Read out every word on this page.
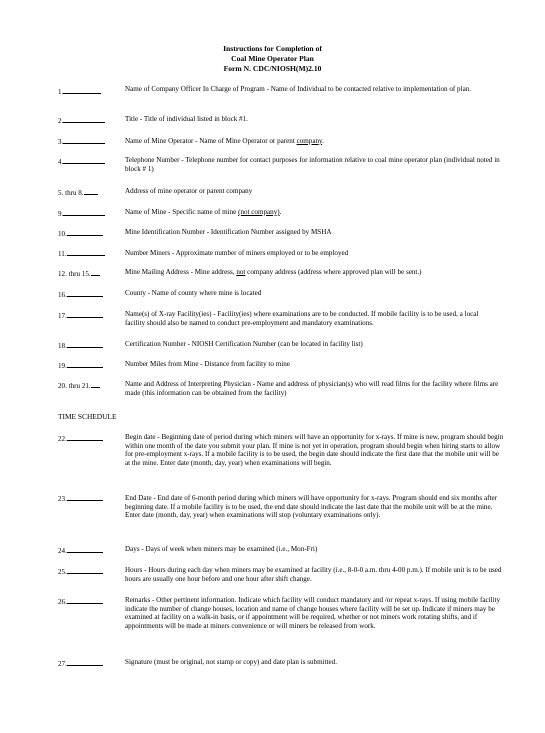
Instructions for Completion of
Coal Mine Operator Plan
Form N. CDC/NIOSH(M)2.10
1.	Name of Company Officer In Charge of Program - Name of Individual to be contacted relative to implementation of plan.
2.	Title - Title of individual listed in block #1.
3.	Name of Mine Operator - Name of Mine Operator or parent company.
4.	Telephone Number - Telephone number for contact purposes for information relative to coal mine operator plan (individual noted in block # 1)
5. thru 8.	Address of mine operator or parent company
9.	Name of Mine - Specific name of mine (not company).
10.	Mine Identification Number - Identification Number assigned by MSHA
11.	Number Miners - Approximate number of miners employed or to be employed
12. thru 15.	Mine Mailing Address - Mine address, not company address (address where approved plan will be sent.)
16.	County - Name of county where mine is located
17.	Name(s) of X-ray Facility(ies) - Facility(ies) where examinations are to be conducted. If mobile facility is to be used, a local facility should also be named to conduct pre-employment and mandatory examinations.
18.	Certification Number - NIOSH Certification Number (can be located in facility list)
19.	Number Miles from Mine - Distance from facility to mine
20. thru 21.	Name and Address of Interpreting Physician - Name and address of physician(s) who will read films for the facility where films are made (this information can be obtained from the facility)
TIME SCHEDULE
22.	Begin date - Beginning date of period during which miners will have an opportunity for x-rays. If mine is new, program should begin within one month of the date you submit your plan. If mine is not yet in operation, program should begin when hiring starts to allow for pre-employment x-rays. If a mobile facility is to be used, the begin date should indicate the first date that the mobile unit will be at the mine. Enter date (month, day, year) when examinations will begin.
23.	End Date - End date of 6-month period during which miners will have opportunity for x-rays. Program should end six months after beginning date. If a mobile facility is to be used, the end date should indicate the last date that the mobile unit will be at the mine. Enter date (month, day, year) when examinations will stop (voluntary examinations only).
24.	Days - Days of week when miners may be examined (i.e., Mon-Fri)
25.	Hours - Hours during each day when miners may be examined at facility (i.e., 8-0-0 a.m. thru 4-00 p.m.). If mobile unit is to be used hours are usually one hour before and one hour after shift change.
26.	Remarks - Other pertinent information. Indicate which facility will conduct mandatory and /or repeat x-rays. If using mobile facility indicate the number of change houses, location and name of change houses where facility will be set up. Indicate if miners may be examined at facility on a walk-in basis, or if appointment will be required, whether or not miners work rotating shifts, and if appointments will be made at miners convenience or will miners be released from work.
27.	Signature (must be original, not stamp or copy) and date plan is submitted.
